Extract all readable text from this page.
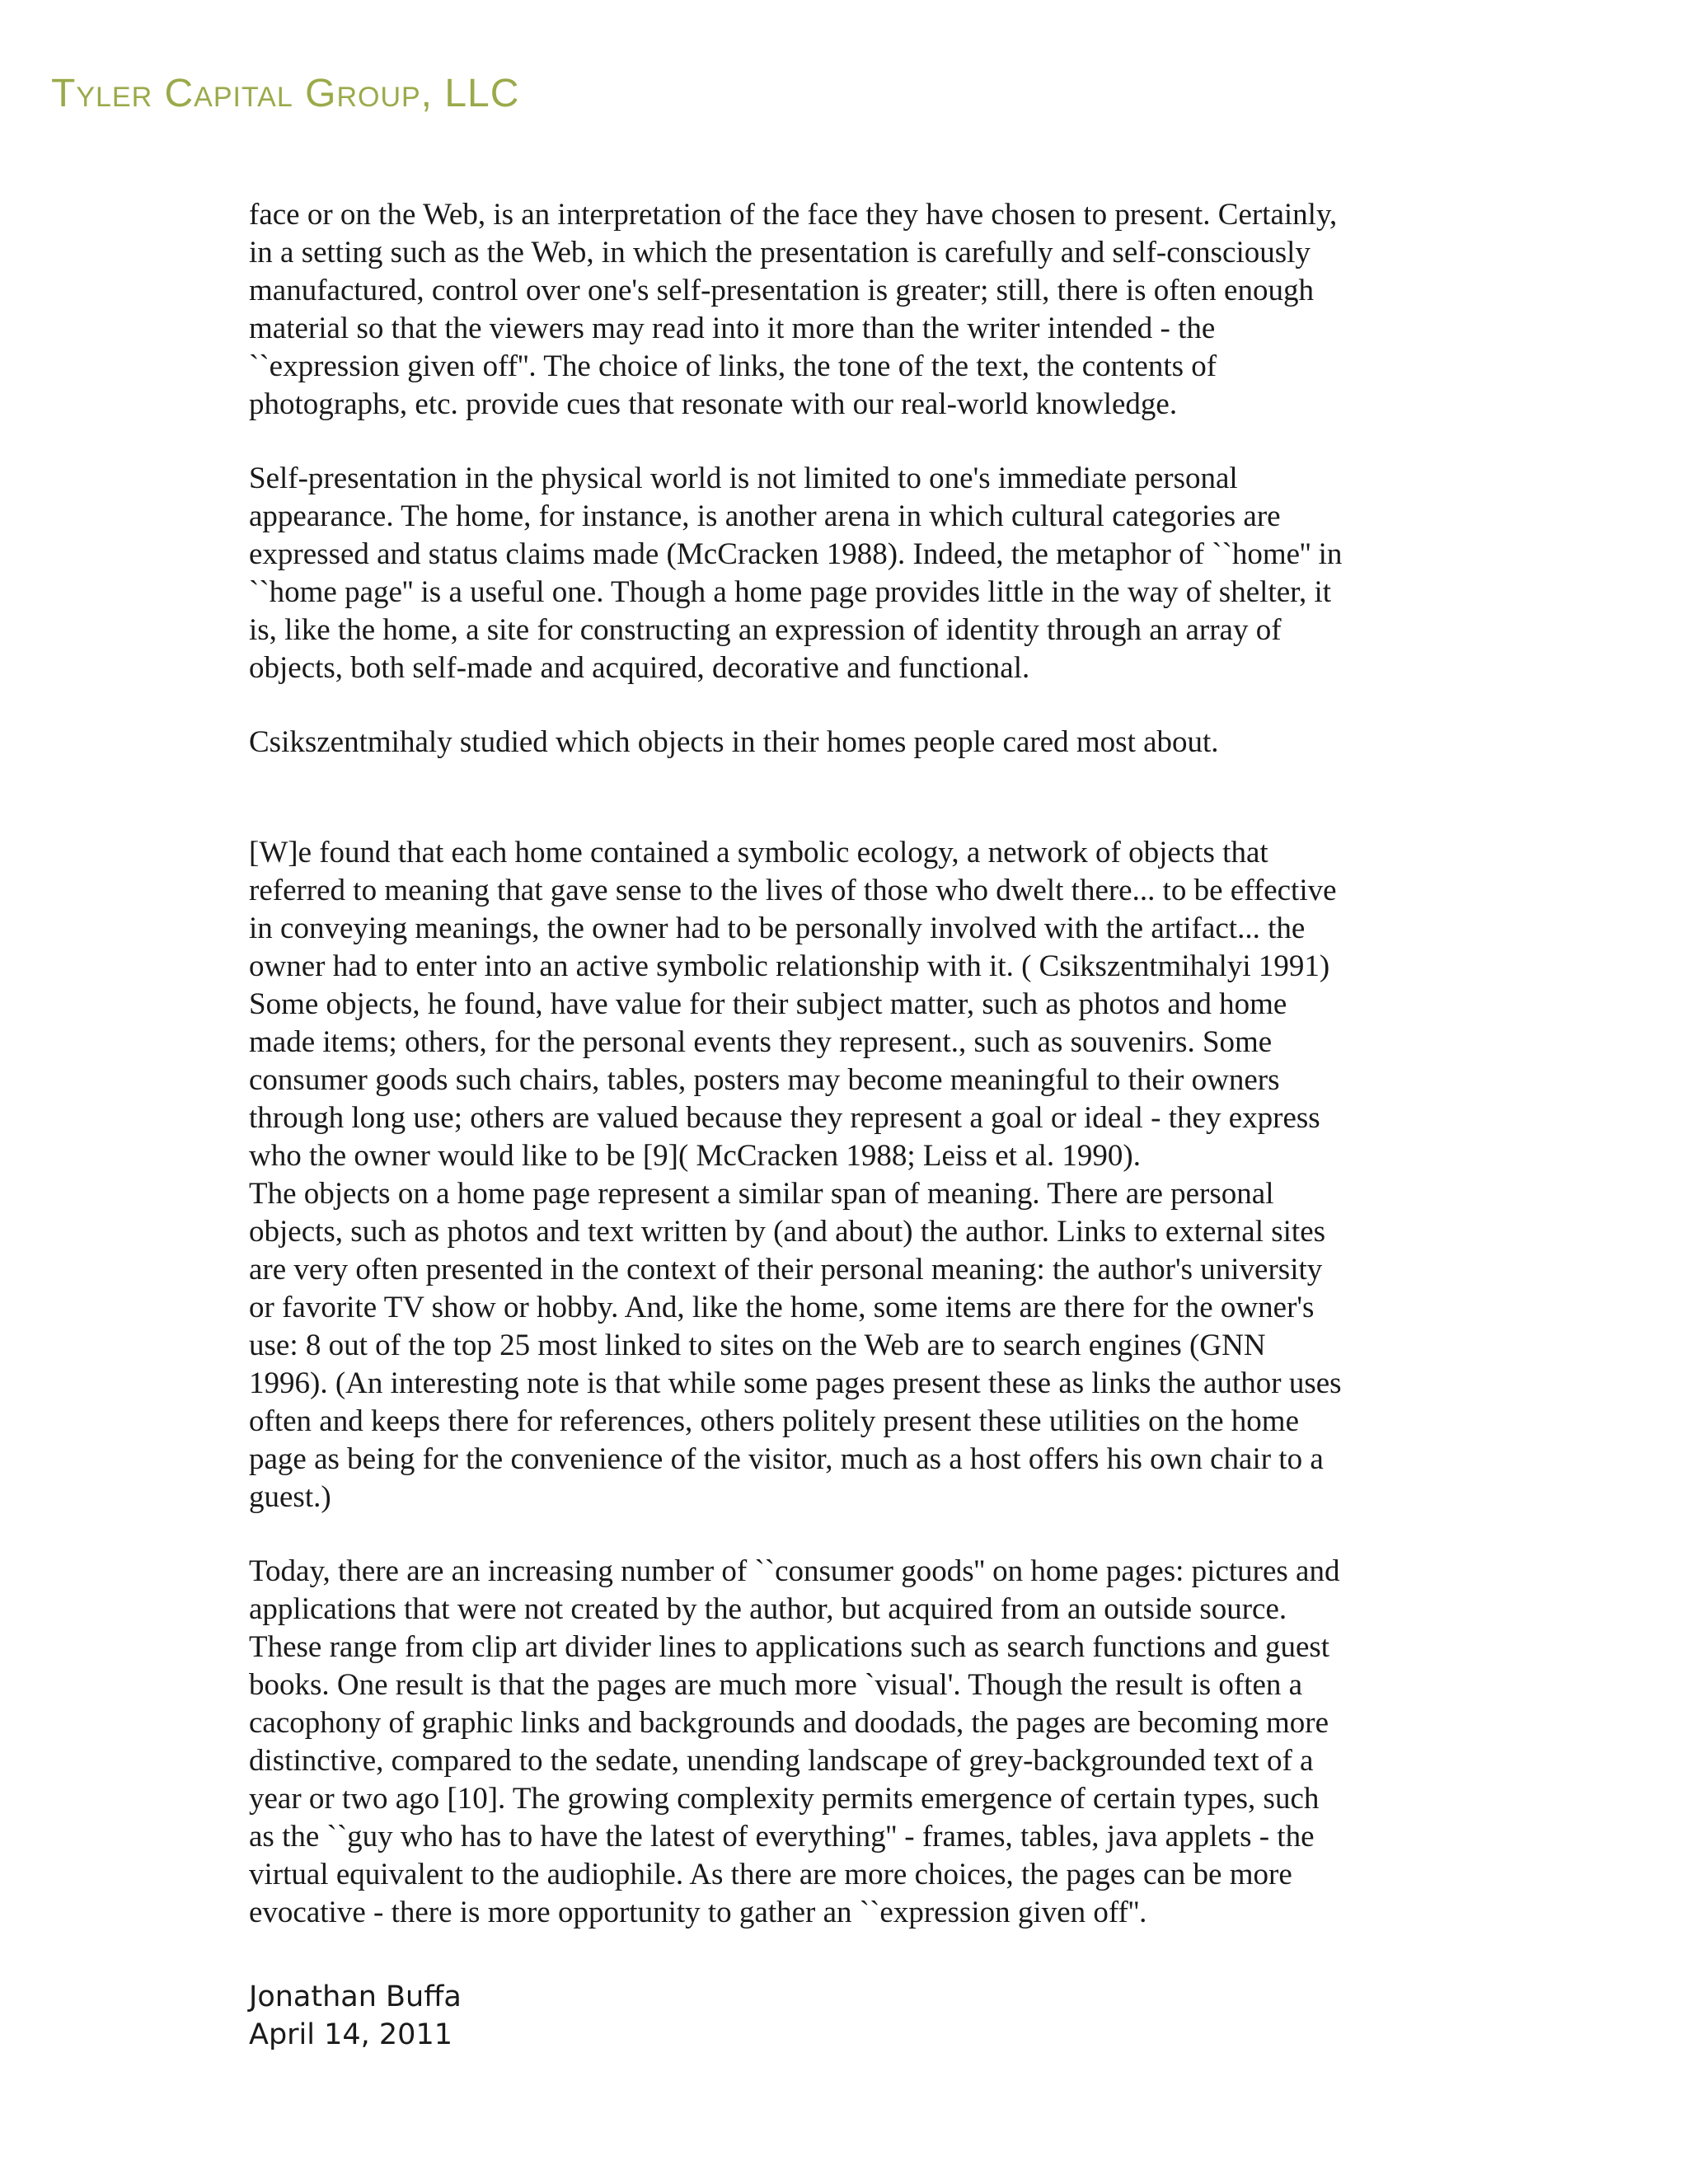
Tyler Capital Group, LLC
face or on the Web, is an interpretation of the face they have chosen to present. Certainly,
in a setting such as the Web, in which the presentation is carefully and self-consciously
manufactured, control over one's self-presentation is greater; still, there is often enough
material so that the viewers may read into it more than the writer intended - the
``expression given off''. The choice of links, the tone of the text, the contents of
photographs, etc. provide cues that resonate with our real-world knowledge.
Self-presentation in the physical world is not limited to one's immediate personal
appearance. The home, for instance, is another arena in which cultural categories are
expressed and status claims made (McCracken 1988). Indeed, the metaphor of ``home'' in
``home page'' is a useful one. Though a home page provides little in the way of shelter, it
is, like the home, a site for constructing an expression of identity through an array of
objects, both self-made and acquired, decorative and functional.
Csikszentmihaly studied which objects in their homes people cared most about.
[W]e found that each home contained a symbolic ecology, a network of objects that
referred to meaning that gave sense to the lives of those who dwelt there... to be effective
in conveying meanings, the owner had to be personally involved with the artifact... the
owner had to enter into an active symbolic relationship with it. ( Csikszentmihalyi 1991)
Some objects, he found, have value for their subject matter, such as photos and home
made items; others, for the personal events they represent., such as souvenirs. Some
consumer goods such chairs, tables, posters may become meaningful to their owners
through long use; others are valued because they represent a goal or ideal - they express
who the owner would like to be [9]( McCracken 1988; Leiss et al. 1990).
The objects on a home page represent a similar span of meaning. There are personal
objects, such as photos and text written by (and about) the author. Links to external sites
are very often presented in the context of their personal meaning: the author's university
or favorite TV show or hobby. And, like the home, some items are there for the owner's
use: 8 out of the top 25 most linked to sites on the Web are to search engines (GNN
1996). (An interesting note is that while some pages present these as links the author uses
often and keeps there for references, others politely present these utilities on the home
page as being for the convenience of the visitor, much as a host offers his own chair to a
guest.)
Today, there are an increasing number of ``consumer goods'' on home pages: pictures and
applications that were not created by the author, but acquired from an outside source.
These range from clip art divider lines to applications such as search functions and guest
books. One result is that the pages are much more `visual'. Though the result is often a
cacophony of graphic links and backgrounds and doodads, the pages are becoming more
distinctive, compared to the sedate, unending landscape of grey-backgrounded text of a
year or two ago [10]. The growing complexity permits emergence of certain types, such
as the ``guy who has to have the latest of everything'' - frames, tables, java applets - the
virtual equivalent to the audiophile. As there are more choices, the pages can be more
evocative - there is more opportunity to gather an ``expression given off''.
Jonathan Buffa
April 14, 2011
